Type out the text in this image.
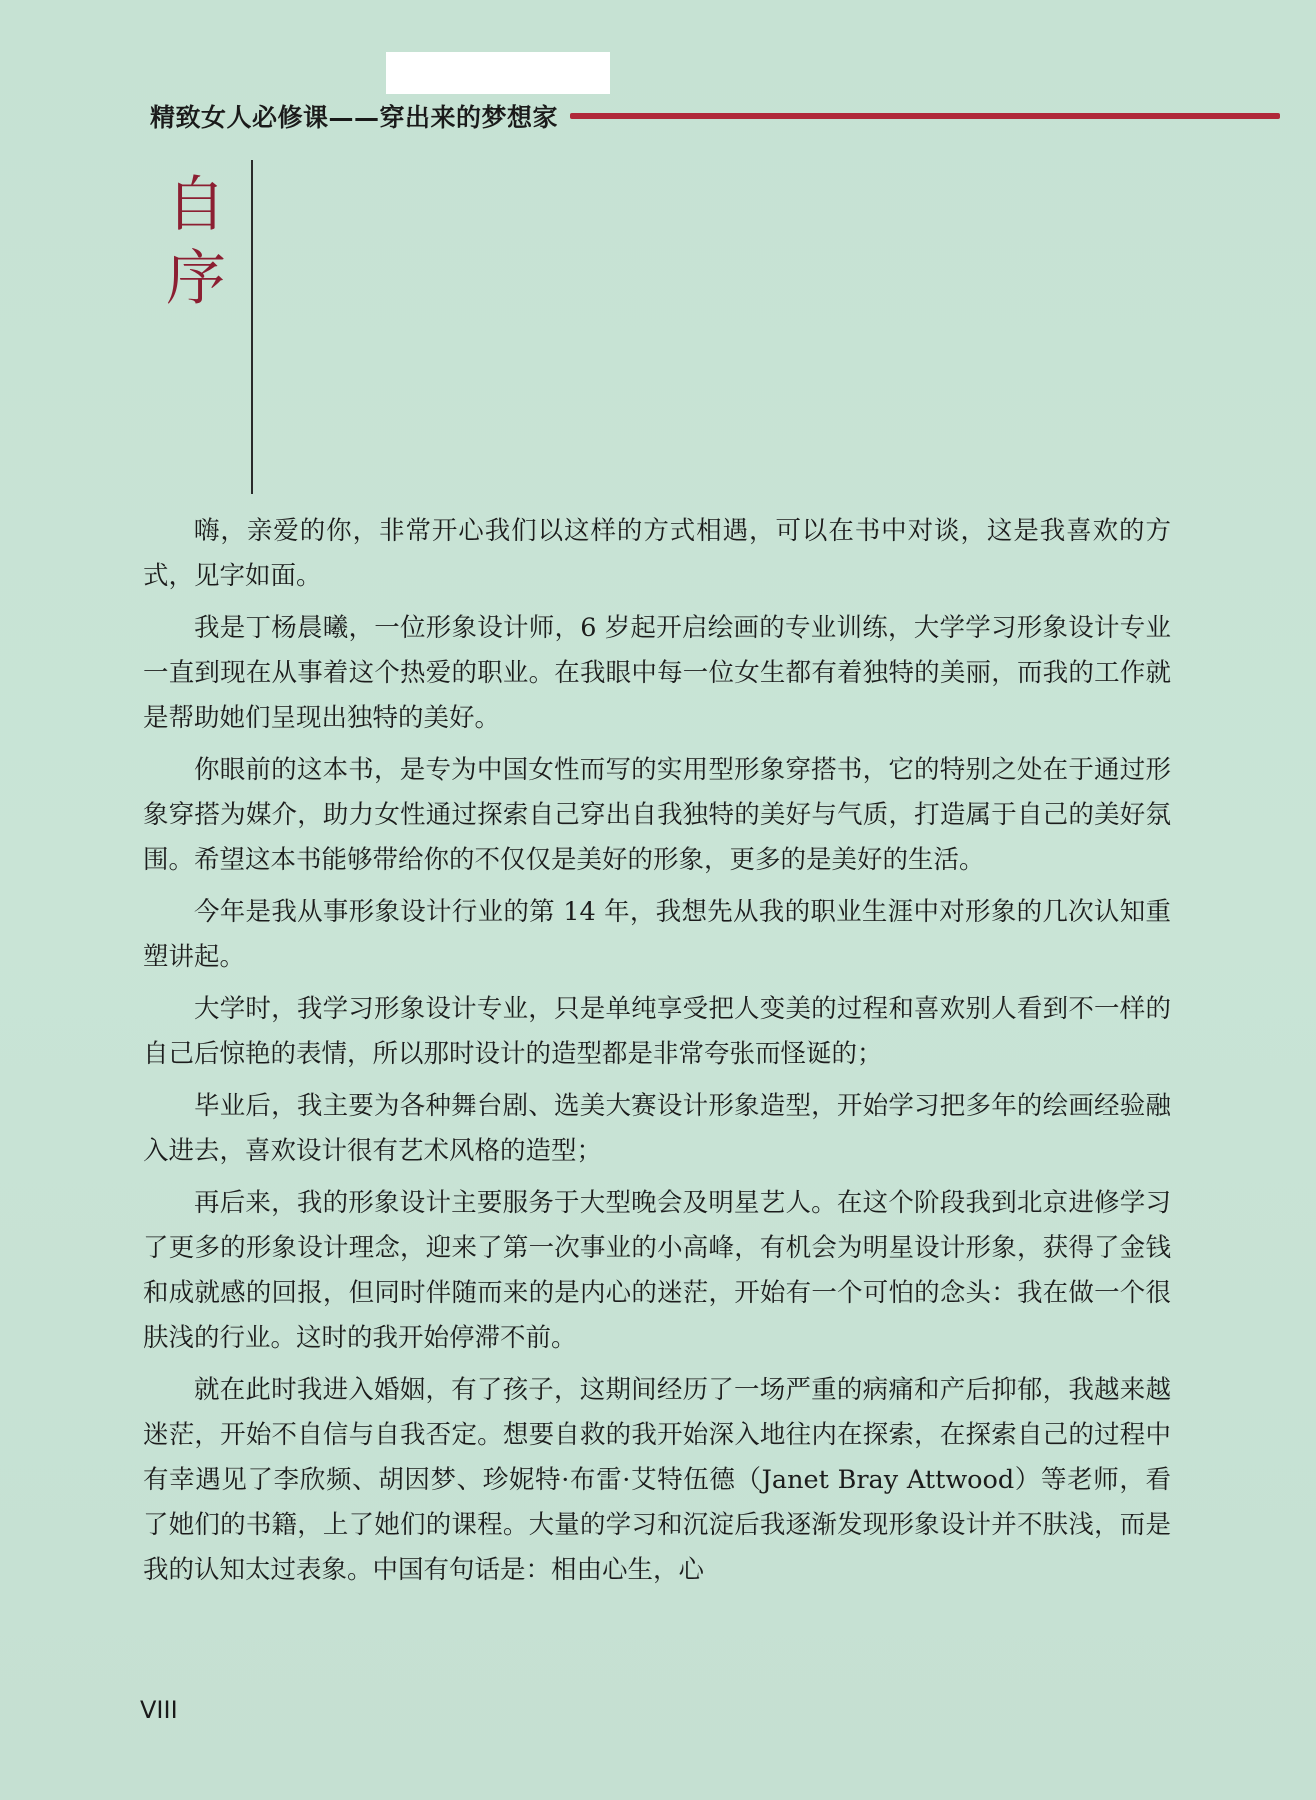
精致女人必修课——穿出来的梦想家
自
序

嗨，亲爱的你，非常开心我们以这样的方式相遇，可以在书中对谈，这是我喜欢的方式，见字如面。

我是丁杨晨曦，一位形象设计师，6 岁起开启绘画的专业训练，大学学习形象设计专业一直到现在从事着这个热爱的职业。在我眼中每一位女生都有着独特的美丽，而我的工作就是帮助她们呈现出独特的美好。

你眼前的这本书，是专为中国女性而写的实用型形象穿搭书，它的特别之处在于通过形象穿搭为媒介，助力女性通过探索自己穿出自我独特的美好与气质，打造属于自己的美好氛围。希望这本书能够带给你的不仅仅是美好的形象，更多的是美好的生活。

今年是我从事形象设计行业的第 14 年，我想先从我的职业生涯中对形象的几次认知重塑讲起。

大学时，我学习形象设计专业，只是单纯享受把人变美的过程和喜欢别人看到不一样的自己后惊艳的表情，所以那时设计的造型都是非常夸张而怪诞的；

毕业后，我主要为各种舞台剧、选美大赛设计形象造型，开始学习把多年的绘画经验融入进去，喜欢设计很有艺术风格的造型；

再后来，我的形象设计主要服务于大型晚会及明星艺人。在这个阶段我到北京进修学习了更多的形象设计理念，迎来了第一次事业的小高峰，有机会为明星设计形象，获得了金钱和成就感的回报，但同时伴随而来的是内心的迷茫，开始有一个可怕的念头：我在做一个很肤浅的行业。这时的我开始停滞不前。

就在此时我进入婚姻，有了孩子，这期间经历了一场严重的病痛和产后抑郁，我越来越迷茫，开始不自信与自我否定。想要自救的我开始深入地往内在探索，在探索自己的过程中有幸遇见了李欣频、胡因梦、珍妮特·布雷·艾特伍德（Janet Bray Attwood）等老师，看了她们的书籍，上了她们的课程。大量的学习和沉淀后我逐渐发现形象设计并不肤浅，而是我的认知太过表象。中国有句话是：相由心生，心

VIII
